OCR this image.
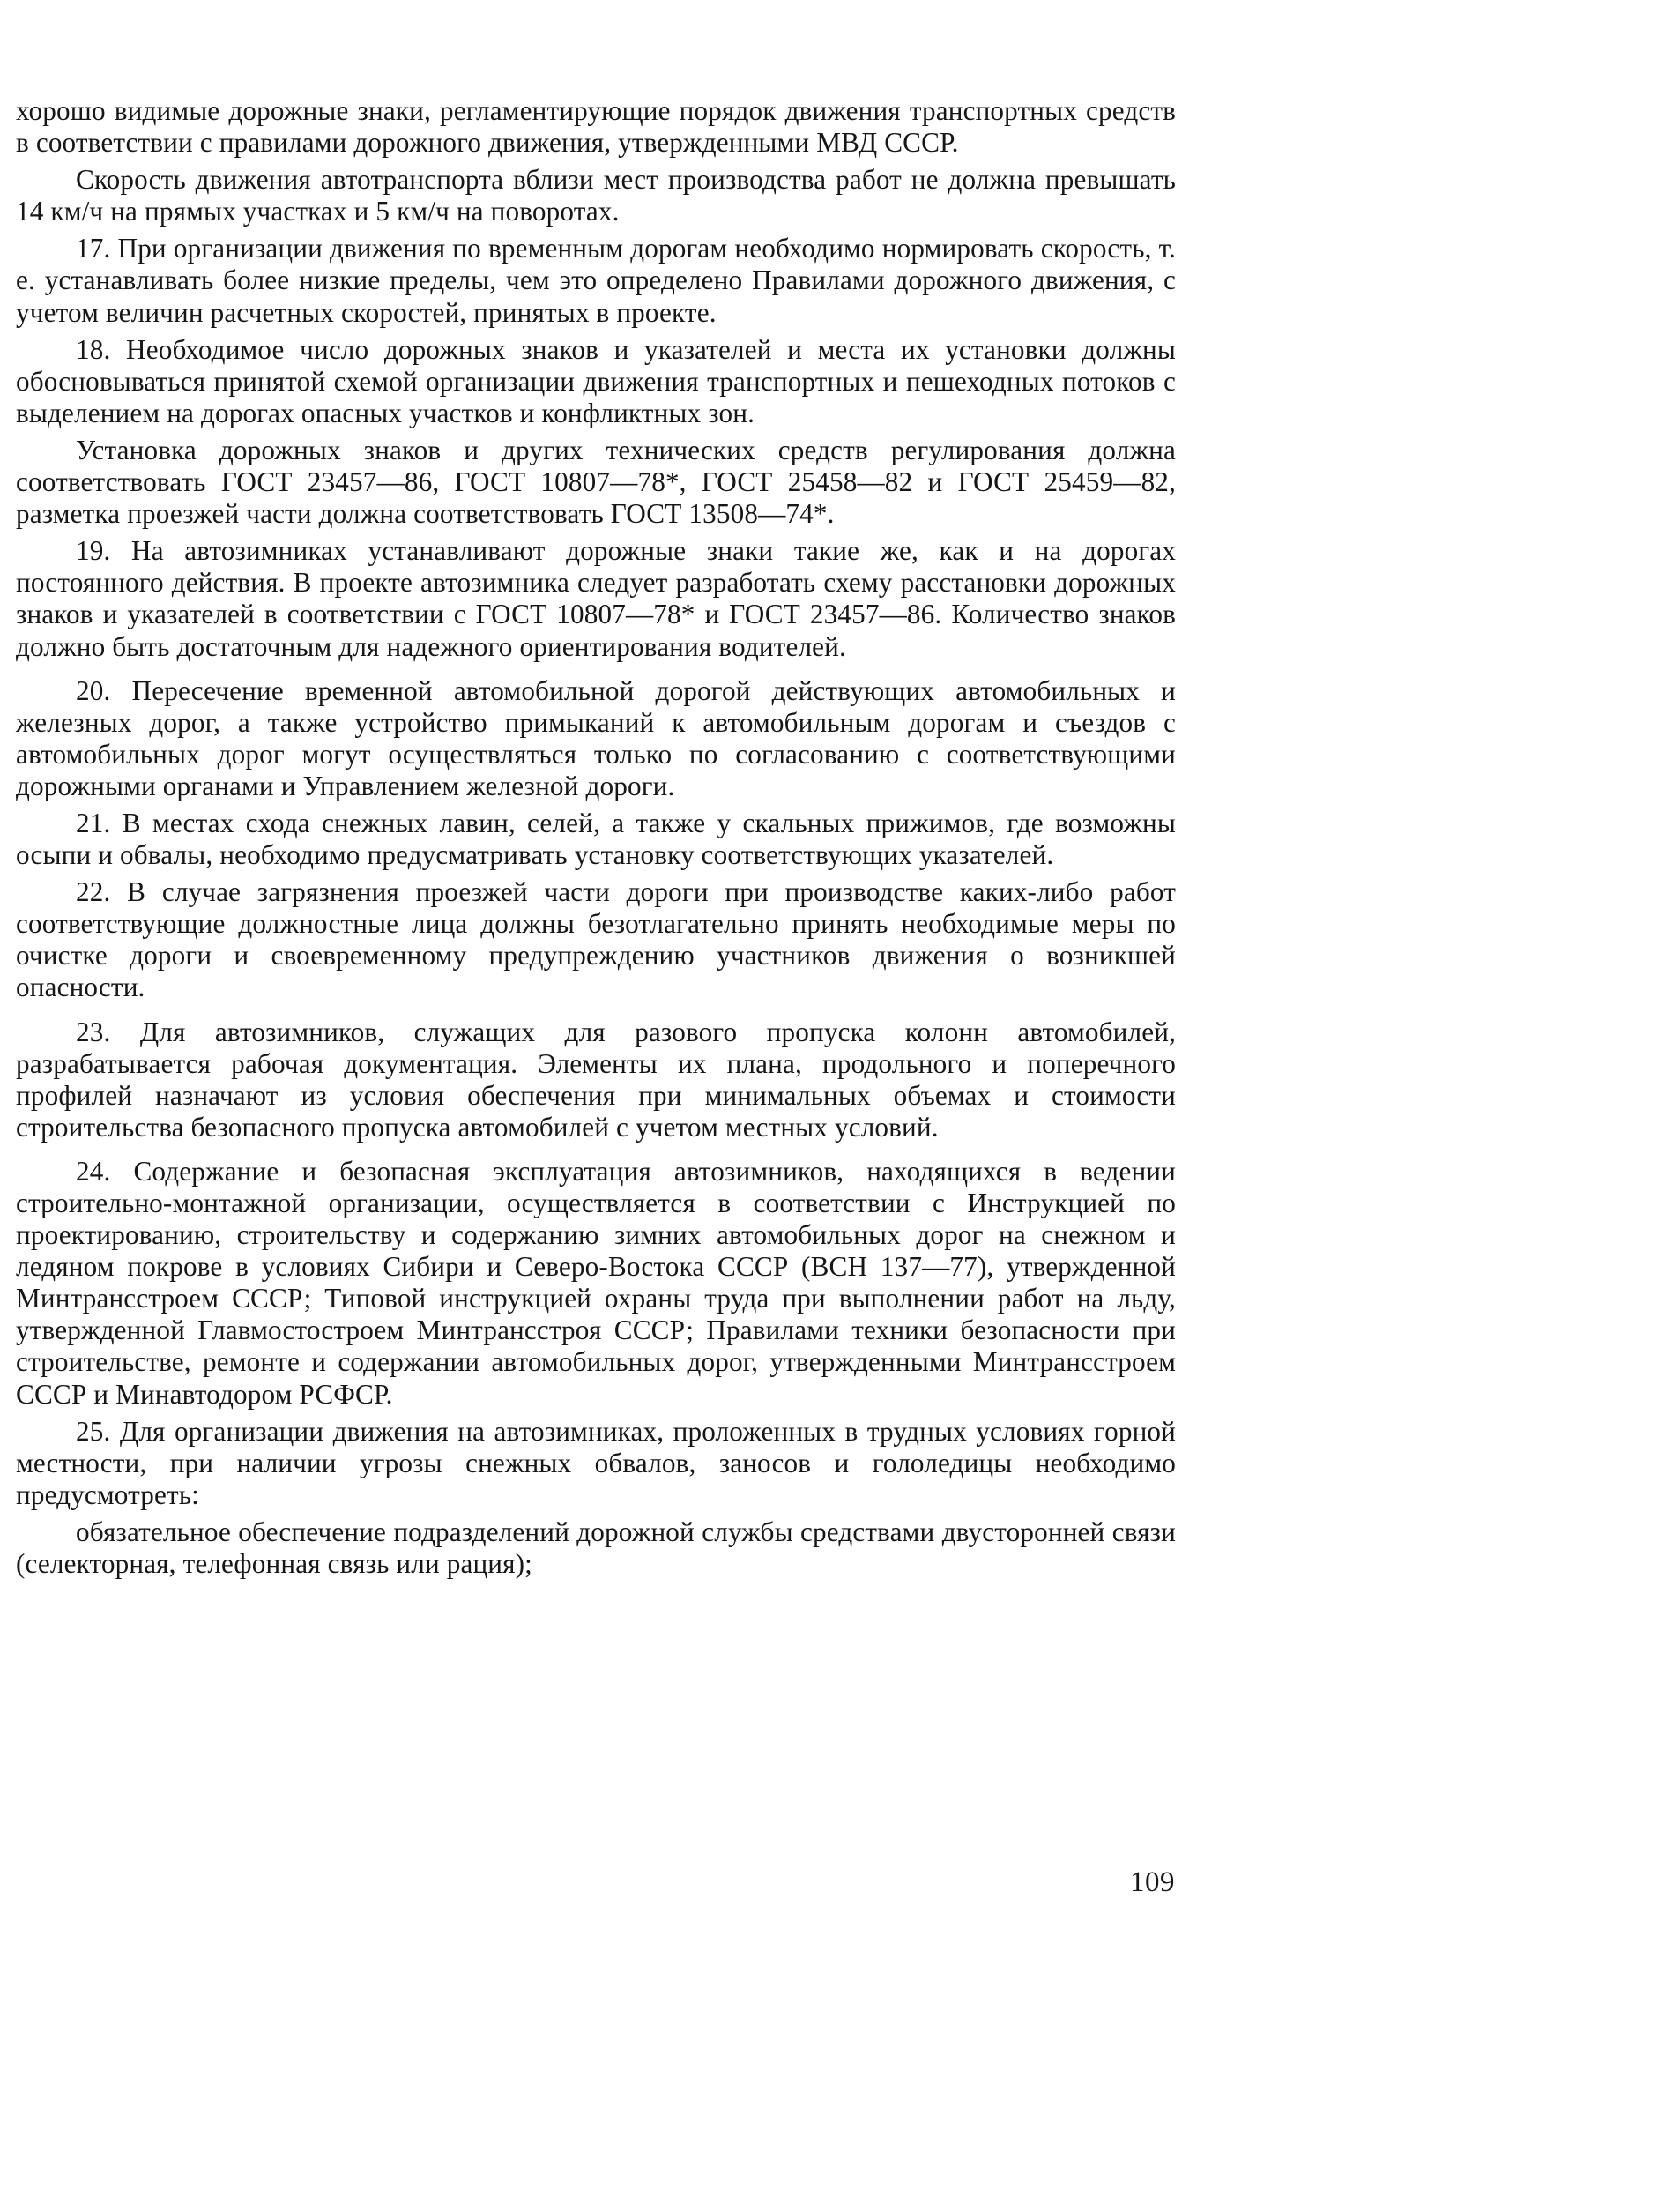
хорошо видимые дорожные знаки, регламентирующие порядок движения транспортных средств в соответствии с правилами дорожного движения, утвержденными МВД СССР.

Скорость движения автотранспорта вблизи мест производства работ не должна превышать 14 км/ч на прямых участках и 5 км/ч на поворотах.

17. При организации движения по временным дорогам необходимо нормировать скорость, т. е. устанавливать более низкие пределы, чем это определено Правилами дорожного движения, с учетом величин расчетных скоростей, принятых в проекте.

18. Необходимое число дорожных знаков и указателей и места их установки должны обосновываться принятой схемой организации движения транспортных и пешеходных потоков с выделением на дорогах опасных участков и конфликтных зон.

Установка дорожных знаков и других технических средств регулирования должна соответствовать ГОСТ 23457—86, ГОСТ 10807—78*, ГОСТ 25458—82 и ГОСТ 25459—82, разметка проезжей части должна соответствовать ГОСТ 13508—74*.

19. На автозимниках устанавливают дорожные знаки такие же, как и на дорогах постоянного действия. В проекте автозимника следует разработать схему расстановки дорожных знаков и указателей в соответствии с ГОСТ 10807—78* и ГОСТ 23457—86. Количество знаков должно быть достаточным для надежного ориентирования водителей.

20. Пересечение временной автомобильной дорогой действующих автомобильных и железных дорог, а также устройство примыканий к автомобильным дорогам и съездов с автомобильных дорог могут осуществляться только по согласованию с соответствующими дорожными органами и Управлением железной дороги.

21. В местах схода снежных лавин, селей, а также у скальных прижимов, где возможны осыпи и обвалы, необходимо предусматривать установку соответствующих указателей.

22. В случае загрязнения проезжей части дороги при производстве каких-либо работ соответствующие должностные лица должны безотлагательно принять необходимые меры по очистке дороги и своевременному предупреждению участников движения о возникшей опасности.

23. Для автозимников, служащих для разового пропуска колонн автомобилей, разрабатывается рабочая документация. Элементы их плана, продольного и поперечного профилей назначают из условия обеспечения при минимальных объемах и стоимости строительства безопасного пропуска автомобилей с учетом местных условий.

24. Содержание и безопасная эксплуатация автозимников, находящихся в ведении строительно-монтажной организации, осуществляется в соответствии с Инструкцией по проектированию, строительству и содержанию зимних автомобильных дорог на снежном и ледяном покрове в условиях Сибири и Северо-Востока СССР (ВСН 137—77), утвержденной Минтрансстроем СССР; Типовой инструкцией охраны труда при выполнении работ на льду, утвержденной Главмостостроем Минтрансстроя СССР; Правилами техники безопасности при строительстве, ремонте и содержании автомобильных дорог, утвержденными Минтрансстроем СССР и Минавтодором РСФСР.

25. Для организации движения на автозимниках, проложенных в трудных условиях горной местности, при наличии угрозы снежных обвалов, заносов и гололедицы необходимо предусмотреть:

обязательное обеспечение подразделений дорожной службы средствами двусторонней связи (селекторная, телефонная связь или рация);

109
